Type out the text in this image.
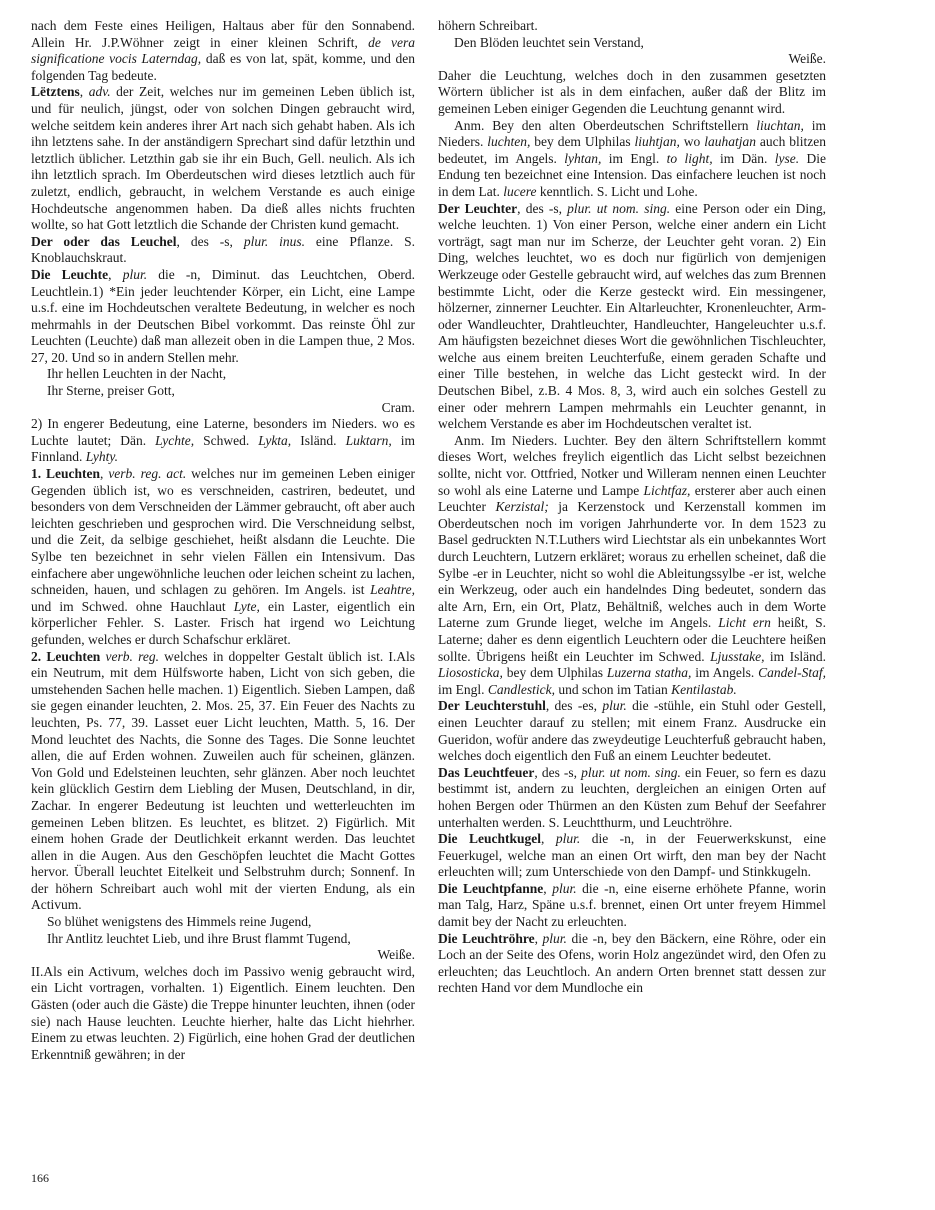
nach dem Feste eines Heiligen, Haltaus aber für den Sonnabend. Allein Hr. J.P.Wöhner zeigt in einer kleinen Schrift, de vera significatione vocis Laterndag, daß es von lat, spät, komme, und den folgenden Tag bedeute.

Lëtztens, adv. der Zeit, welches nur im gemeinen Leben üblich ist, und für neulich, jüngst, oder von solchen Dingen gebraucht wird, welche seitdem kein anderes ihrer Art nach sich gehabt haben. Als ich ihn letztens sahe. In der anständigern Sprechart sind dafür letzthin und letztlich üblicher. Letzthin gab sie ihr ein Buch, Gell. neulich. Als ich ihn letztlich sprach. Im Oberdeutschen wird dieses letztlich auch für zuletzt, endlich, gebraucht, in welchem Verstande es auch einige Hochdeutsche angenommen haben. Da dieß alles nichts fruchten wollte, so hat Gott letztlich die Schande der Christen kund gemacht.

Der oder das Leuchel, des -s, plur. inus. eine Pflanze. S. Knoblauchskraut.

Die Leuchte, plur. die -n, Diminut. das Leuchtchen, Oberd. Leuchtlein.1) *Ein jeder leuchtender Körper, ein Licht, eine Lampe u.s.f. eine im Hochdeutschen veraltete Bedeutung, in welcher es noch mehrmahls in der Deutschen Bibel vorkommt. Das reinste Öhl zur Leuchten (Leuchte) daß man allezeit oben in die Lampen thue, 2 Mos. 27, 20. Und so in andern Stellen mehr.

Ihr hellen Leuchten in der Nacht,

Ihr Sterne, preiser Gott,

Cram.

2) In engerer Bedeutung, eine Laterne, besonders im Nieders. wo es Luchte lautet; Dän. Lychte, Schwed. Lykta, Isländ. Luktarn, im Finnland. Lyhty.

1. Leuchten, verb. reg. act. welches nur im gemeinen Leben einiger Gegenden üblich ist, wo es verschneiden, castriren, bedeutet, und besonders von dem Verschneiden der Lämmer gebraucht, oft aber auch leichten geschrieben und gesprochen wird. Die Verschneidung selbst, und die Zeit, da selbige geschiehet, heißt alsdann die Leuchte. Die Sylbe ten bezeichnet in sehr vielen Fällen ein Intensivum. Das einfachere aber ungewöhnliche leuchen oder leichen scheint zu lachen, schneiden, hauen, und schlagen zu gehören. Im Angels. ist Leahtre, und im Schwed. ohne Hauchlaut Lyte, ein Laster, eigentlich ein körperlicher Fehler. S. Laster. Frisch hat irgend wo Leichtung gefunden, welches er durch Schafschur erkläret.

2. Leuchten verb. reg. welches in doppelter Gestalt üblich ist. I.Als ein Neutrum, mit dem Hülfsworte haben, Licht von sich geben, die umstehenden Sachen helle machen. 1) Eigentlich. Sieben Lampen, daß sie gegen einander leuchten, 2. Mos. 25, 37. Ein Feuer des Nachts zu leuchten, Ps. 77, 39. Lasset euer Licht leuchten, Matth. 5, 16. Der Mond leuchtet des Nachts, die Sonne des Tages. Die Sonne leuchtet allen, die auf Erden wohnen. Zuweilen auch für scheinen, glänzen. Von Gold und Edelsteinen leuchten, sehr glänzen. Aber noch leuchtet kein glücklich Gestirn dem Liebling der Musen, Deutschland, in dir, Zachar. In engerer Bedeutung ist leuchten und wetterleuchten im gemeinen Leben blitzen. Es leuchtet, es blitzet. 2) Figürlich. Mit einem hohen Grade der Deutlichkeit erkannt werden. Das leuchtet allen in die Augen. Aus den Geschöpfen leuchtet die Macht Gottes hervor. Überall leuchtet Eitelkeit und Selbstruhm durch; Sonnenf. In der höhern Schreibart auch wohl mit der vierten Endung, als ein Activum.

So blühet wenigstens des Himmels reine Jugend,

Ihr Antlitz leuchtet Lieb, und ihre Brust flammt Tugend,

Weiße.

II.Als ein Activum, welches doch im Passivo wenig gebraucht wird, ein Licht vortragen, vorhalten. 1) Eigentlich. Einem leuchten. Den Gästen (oder auch die Gäste) die Treppe hinunter leuchten, ihnen (oder sie) nach Hause leuchten. Leuchte hierher, halte das Licht hiehrher. Einem zu etwas leuchten. 2) Figürlich, eine hohen Grad der deutlichen Erkenntniß gewähren; in der

höhern Schreibart.

Den Blöden leuchtet sein Verstand,

Weiße.

Daher die Leuchtung, welches doch in den zusammen gesetzten Wörtern üblicher ist als in dem einfachen, außer daß der Blitz im gemeinen Leben einiger Gegenden die Leuchtung genannt wird.

Anm. Bey den alten Oberdeutschen Schriftstellern liuchtan, im Nieders. luchten, bey dem Ulphilas liuhtjan, wo lauhatjan auch blitzen bedeutet, im Angels. lyhtan, im Engl. to light, im Dän. lyse. Die Endung ten bezeichnet eine Intension. Das einfachere leuchen ist noch in dem Lat. lucere kenntlich. S. Licht und Lohe.

Der Leuchter, des -s, plur. ut nom. sing. eine Person oder ein Ding, welche leuchten. 1) Von einer Person, welche einer andern ein Licht vorträgt, sagt man nur im Scherze, der Leuchter geht voran. 2) Ein Ding, welches leuchtet, wo es doch nur figürlich von demjenigen Werkzeuge oder Gestelle gebraucht wird, auf welches das zum Brennen bestimmte Licht, oder die Kerze gesteckt wird. Ein messingener, hölzerner, zinnerner Leuchter. Ein Altarleuchter, Kronenleuchter, Arm- oder Wandleuchter, Drahtleuchter, Handleuchter, Hangeleuchter u.s.f. Am häufigsten bezeichnet dieses Wort die gewöhnlichen Tischleuchter, welche aus einem breiten Leuchterfuße, einem geraden Schafte und einer Tille bestehen, in welche das Licht gesteckt wird. In der Deutschen Bibel, z.B. 4 Mos. 8, 3, wird auch ein solches Gestell zu einer oder mehrern Lampen mehrmahls ein Leuchter genannt, in welchem Verstande es aber im Hochdeutschen veraltet ist.

Anm. Im Nieders. Luchter. Bey den ältern Schriftstellern kommt dieses Wort, welches freylich eigentlich das Licht selbst bezeichnen sollte, nicht vor. Ottfried, Notker und Willeram nennen einen Leuchter so wohl als eine Laterne und Lampe Lichtfaz, ersterer aber auch einen Leuchter Kerzistal; ja Kerzenstock und Kerzenstall kommen im Oberdeutschen noch im vorigen Jahrhunderte vor. In dem 1523 zu Basel gedruckten N.T.Luthers wird Liechtstar als ein unbekanntes Wort durch Leuchtern, Lutzern erkläret; woraus zu erhellen scheinet, daß die Sylbe -er in Leuchter, nicht so wohl die Ableitungssylbe -er ist, welche ein Werkzeug, oder auch ein handelndes Ding bedeutet, sondern das alte Arn, Ern, ein Ort, Platz, Behältniß, welches auch in dem Worte Laterne zum Grunde lieget, welche im Angels. Licht ern heißt, S. Laterne; daher es denn eigentlich Leuchtern oder die Leuchtere heißen sollte. Übrigens heißt ein Leuchter im Schwed. Ljusstake, im Isländ. Liososticka, bey dem Ulphilas Luzerna statha, im Angels. Candel-Staf, im Engl. Candlestick, und schon im Tatian Kentilastab.

Der Leuchterstuhl, des -es, plur. die -stühle, ein Stuhl oder Gestell, einen Leuchter darauf zu stellen; mit einem Franz. Ausdrucke ein Gueridon, wofür andere das zweydeutige Leuchterfuß gebraucht haben, welches doch eigentlich den Fuß an einem Leuchter bedeutet.

Das Leuchtfeuer, des -s, plur. ut nom. sing. ein Feuer, so fern es dazu bestimmt ist, andern zu leuchten, dergleichen an einigen Orten auf hohen Bergen oder Thürmen an den Küsten zum Behuf der Seefahrer unterhalten werden. S. Leuchtthurm, und Leuchtröhre.

Die Leuchtkugel, plur. die -n, in der Feuerwerkskunst, eine Feuerkugel, welche man an einen Ort wirft, den man bey der Nacht erleuchten will; zum Unterschiede von den Dampf- und Stinkkugeln.

Die Leuchtpfanne, plur. die -n, eine eiserne erhöhete Pfanne, worin man Talg, Harz, Späne u.s.f. brennet, einen Ort unter freyem Himmel damit bey der Nacht zu erleuchten.

Die Leuchtröhre, plur. die -n, bey den Bäckern, eine Röhre, oder ein Loch an der Seite des Ofens, worin Holz angezündet wird, den Ofen zu erleuchten; das Leuchtloch. An andern Orten brennet statt dessen zur rechten Hand vor dem Mundloche ein

166
